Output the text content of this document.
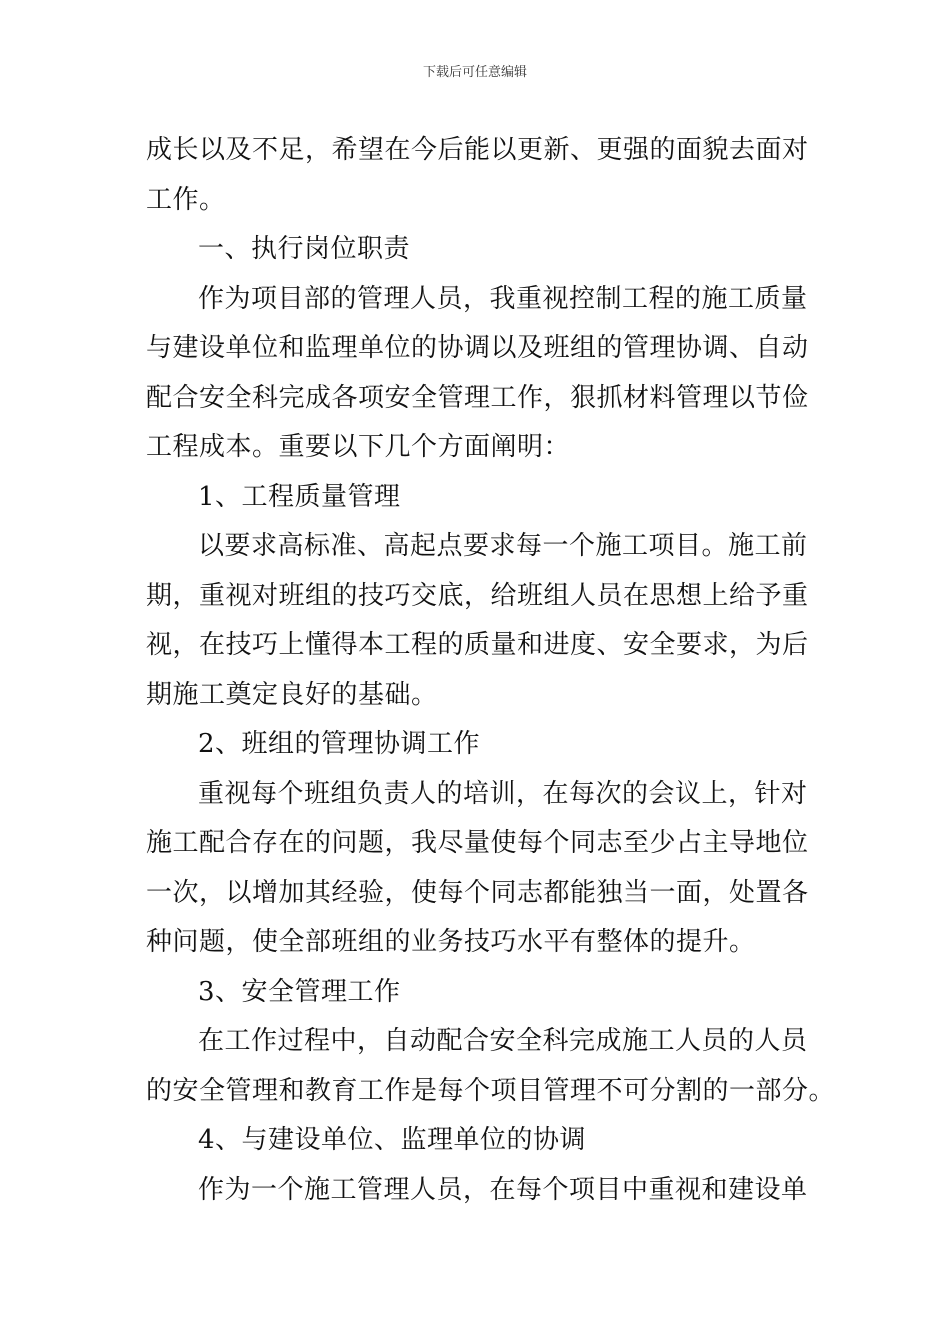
下载后可任意编辑
成长以及不足，希望在今后能以更新、更强的面貌去面对
工作。
一、执行岗位职责
作为项目部的管理人员，我重视控制工程的施工质量
与建设单位和监理单位的协调以及班组的管理协调、自动
配合安全科完成各项安全管理工作，狠抓材料管理以节俭
工程成本。重要以下几个方面阐明：
1、工程质量管理
以要求高标准、高起点要求每一个施工项目。施工前
期，重视对班组的技巧交底，给班组人员在思想上给予重
视，在技巧上懂得本工程的质量和进度、安全要求，为后
期施工奠定良好的基础。
2、班组的管理协调工作
重视每个班组负责人的培训，在每次的会议上，针对
施工配合存在的问题，我尽量使每个同志至少占主导地位
一次，以增加其经验，使每个同志都能独当一面，处置各
种问题，使全部班组的业务技巧水平有整体的提升。
3、安全管理工作
在工作过程中，自动配合安全科完成施工人员的人员
的安全管理和教育工作是每个项目管理不可分割的一部分。
4、与建设单位、监理单位的协调
作为一个施工管理人员，在每个项目中重视和建设单
